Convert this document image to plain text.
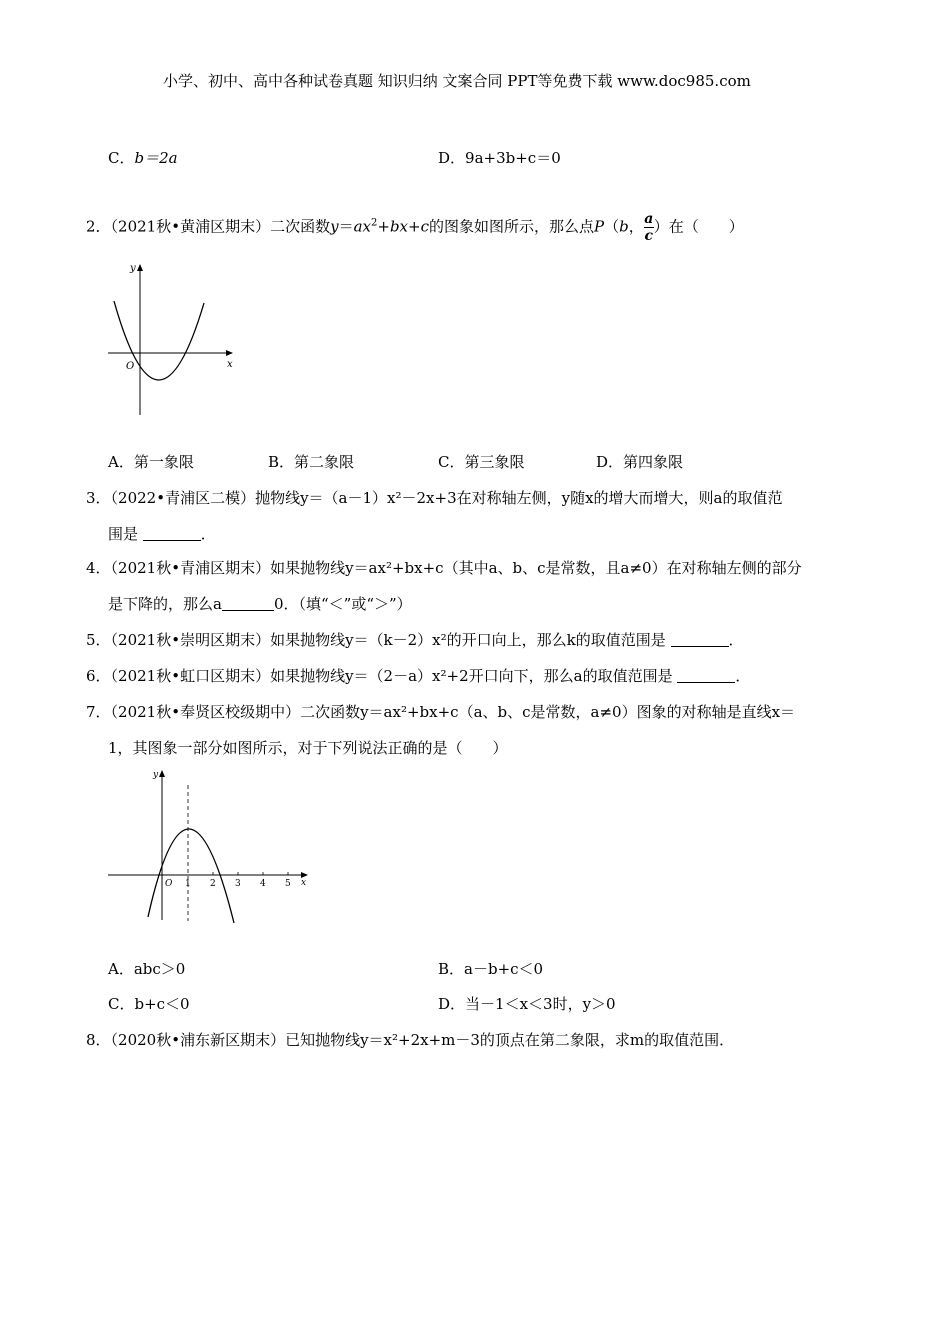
小学、初中、高中各种试卷真题 知识归纳 文案合同 PPT等免费下载 www.doc985.com
C．b＝2a	D．9a+3b+c＝0
2．（2021秋•黄浦区期末）二次函数$y=ax^2+bx+c$的图象如图所示，那么点P（b， $\frac{a}{c}$ ）在（　　）
y
x
O
A．第一象限	B．第二象限	C．第三象限	D．第四象限
3．（2022•青浦区二模）抛物线y＝（a－1）x²－2x+3在对称轴左侧，y随x的增大而增大，则a的取值范
围是	．
4．（2021秋•青浦区期末）如果抛物线y＝ax²+bx+c（其中a、b、c是常数，且a≠0）在对称轴左侧的部分
是下降的，那么a	0．（填“＜”或“＞”）
5．（2021秋•崇明区期末）如果抛物线y＝（k－2）x²的开口向上，那么k的取值范围是	．
6．（2021秋•虹口区期末）如果抛物线y＝（2－a）x²+2开口向下，那么a的取值范围是	．
7．（2021秋•奉贤区校级期中）二次函数y＝ax²+bx+c（a、b、c是常数，a≠0）图象的对称轴是直线x＝
1，其图象一部分如图所示，对于下列说法正确的是（　　）
y
x
O 1 2 3 4 5
A．abc＞0	B．a－b+c＜0
C．b+c＜0	D．当－1＜x＜3时，y＞0
8．（2020秋•浦东新区期末）已知抛物线y＝x²+2x+m－3的顶点在第二象限，求m的取值范围．
